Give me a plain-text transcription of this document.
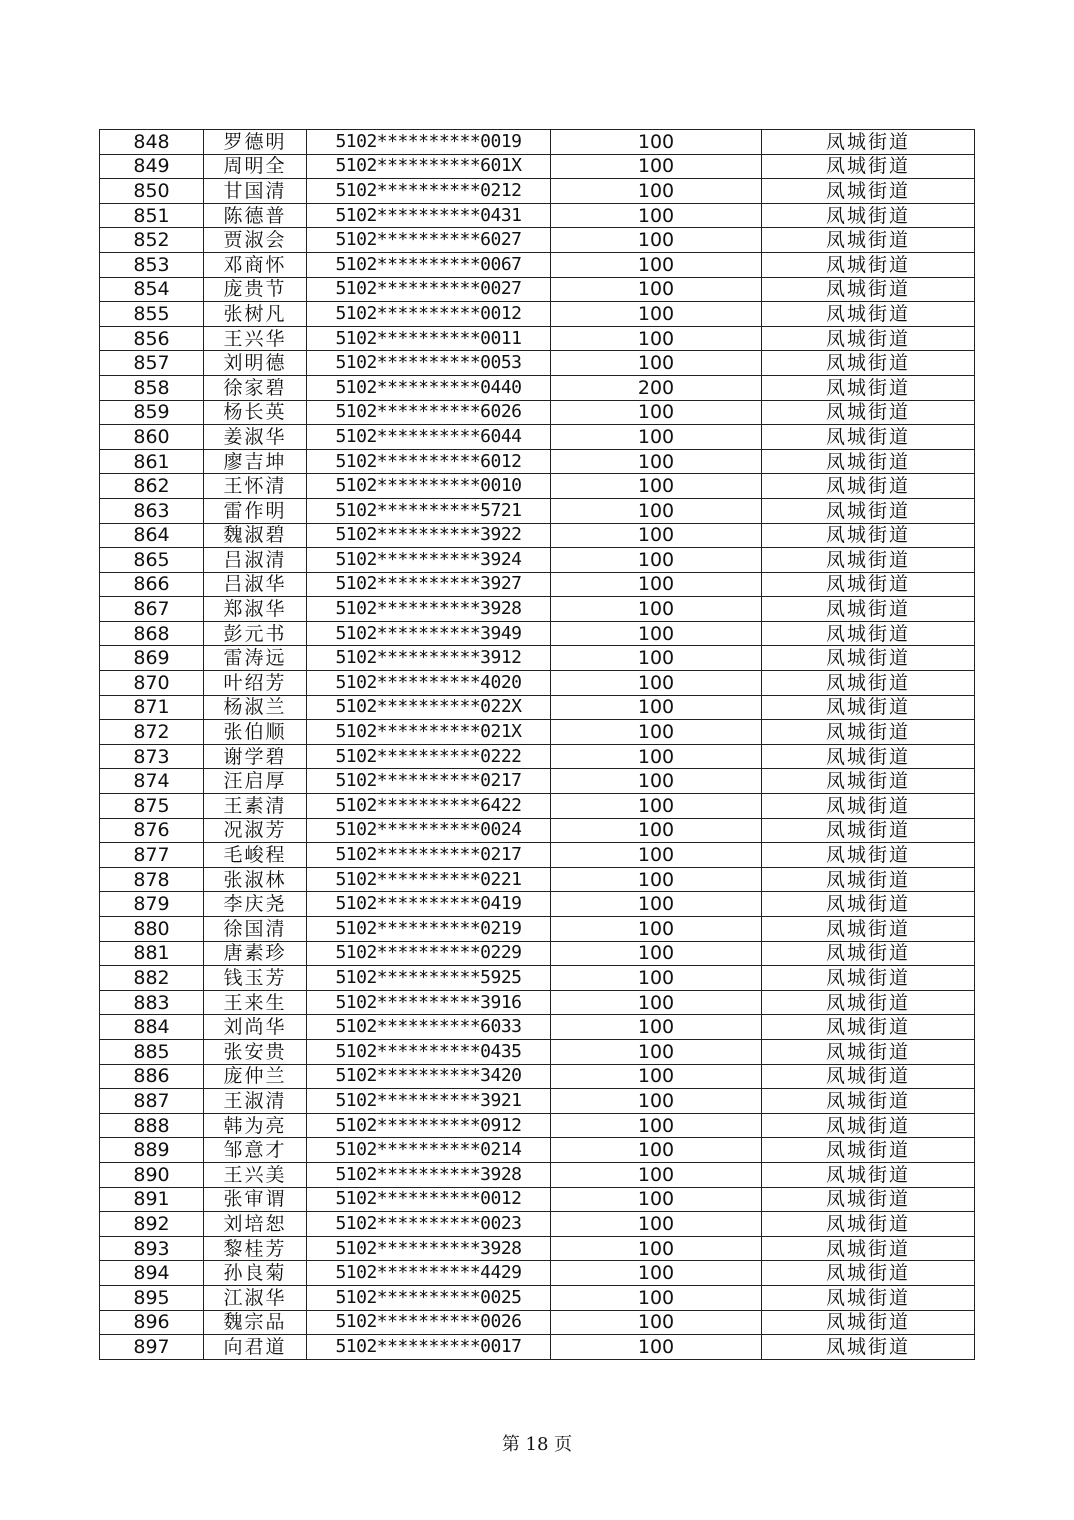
848	罗德明	5102**********0019	100	凤城街道
849	周明全	5102**********601X	100	凤城街道
850	甘国清	5102**********0212	100	凤城街道
851	陈德普	5102**********0431	100	凤城街道
852	贾淑会	5102**********6027	100	凤城街道
853	邓商怀	5102**********0067	100	凤城街道
854	庞贵节	5102**********0027	100	凤城街道
855	张树凡	5102**********0012	100	凤城街道
856	王兴华	5102**********0011	100	凤城街道
857	刘明德	5102**********0053	100	凤城街道
858	徐家碧	5102**********0440	200	凤城街道
859	杨长英	5102**********6026	100	凤城街道
860	姜淑华	5102**********6044	100	凤城街道
861	廖吉坤	5102**********6012	100	凤城街道
862	王怀清	5102**********0010	100	凤城街道
863	雷作明	5102**********5721	100	凤城街道
864	魏淑碧	5102**********3922	100	凤城街道
865	吕淑清	5102**********3924	100	凤城街道
866	吕淑华	5102**********3927	100	凤城街道
867	郑淑华	5102**********3928	100	凤城街道
868	彭元书	5102**********3949	100	凤城街道
869	雷涛远	5102**********3912	100	凤城街道
870	叶绍芳	5102**********4020	100	凤城街道
871	杨淑兰	5102**********022X	100	凤城街道
872	张伯顺	5102**********021X	100	凤城街道
873	谢学碧	5102**********0222	100	凤城街道
874	汪启厚	5102**********0217	100	凤城街道
875	王素清	5102**********6422	100	凤城街道
876	况淑芳	5102**********0024	100	凤城街道
877	毛峻程	5102**********0217	100	凤城街道
878	张淑林	5102**********0221	100	凤城街道
879	李庆尧	5102**********0419	100	凤城街道
880	徐国清	5102**********0219	100	凤城街道
881	唐素珍	5102**********0229	100	凤城街道
882	钱玉芳	5102**********5925	100	凤城街道
883	王来生	5102**********3916	100	凤城街道
884	刘尚华	5102**********6033	100	凤城街道
885	张安贵	5102**********0435	100	凤城街道
886	庞仲兰	5102**********3420	100	凤城街道
887	王淑清	5102**********3921	100	凤城街道
888	韩为亮	5102**********0912	100	凤城街道
889	邹意才	5102**********0214	100	凤城街道
890	王兴美	5102**********3928	100	凤城街道
891	张审谓	5102**********0012	100	凤城街道
892	刘培恕	5102**********0023	100	凤城街道
893	黎桂芳	5102**********3928	100	凤城街道
894	孙良菊	5102**********4429	100	凤城街道
895	江淑华	5102**********0025	100	凤城街道
896	魏宗品	5102**********0026	100	凤城街道
897	向君道	5102**********0017	100	凤城街道
第 18 页
